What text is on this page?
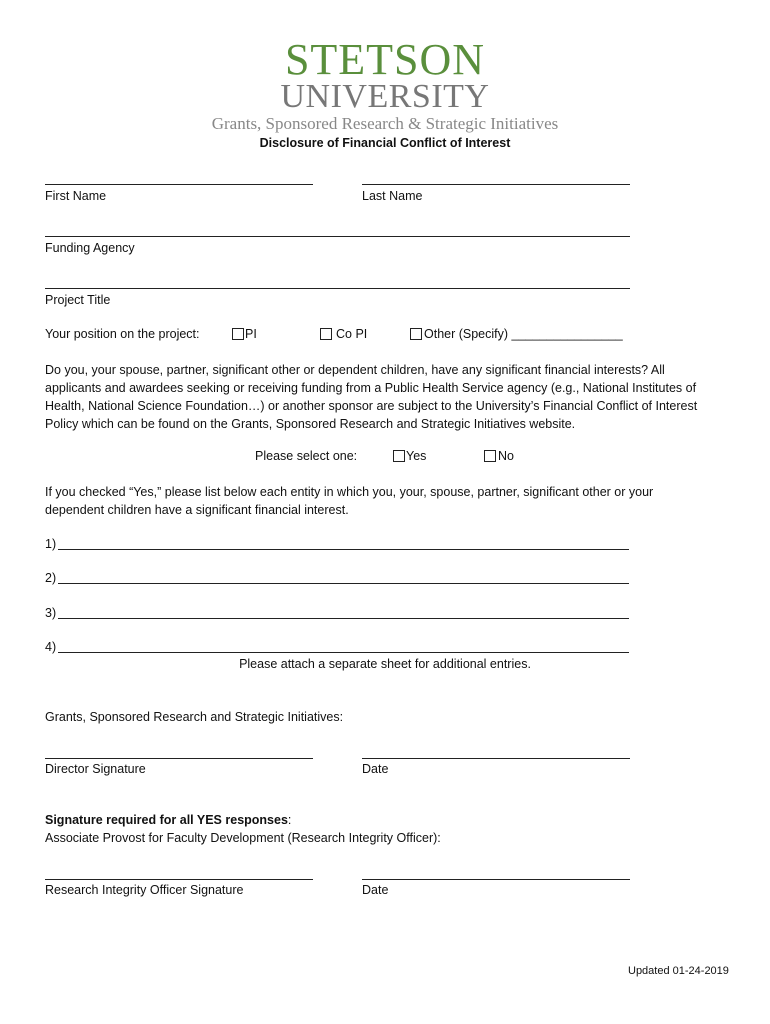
STETSON
UNIVERSITY
Grants, Sponsored Research & Strategic Initiatives
Disclosure of Financial Conflict of Interest
First Name	Last Name
Funding Agency
Project Title
Your position on the project:	PI	Co PI	Other (Specify) ________________
Do you, your spouse, partner, significant other or dependent children, have any significant financial interests? All applicants and awardees seeking or receiving funding from a Public Health Service agency (e.g., National Institutes of Health, National Science Foundation…) or another sponsor are subject to the University’s Financial Conflict of Interest Policy which can be found on the Grants, Sponsored Research and Strategic Initiatives website.
Please select one:	Yes	No
If you checked “Yes,” please list below each entity in which you, your, spouse, partner, significant other or your dependent children have a significant financial interest.
1)
2)
3)
4)
Please attach a separate sheet for additional entries.
Grants, Sponsored Research and Strategic Initiatives:
Director Signature	Date
Signature required for all YES responses:
Associate Provost for Faculty Development (Research Integrity Officer):
Research Integrity Officer Signature	Date
Updated 01-24-2019
